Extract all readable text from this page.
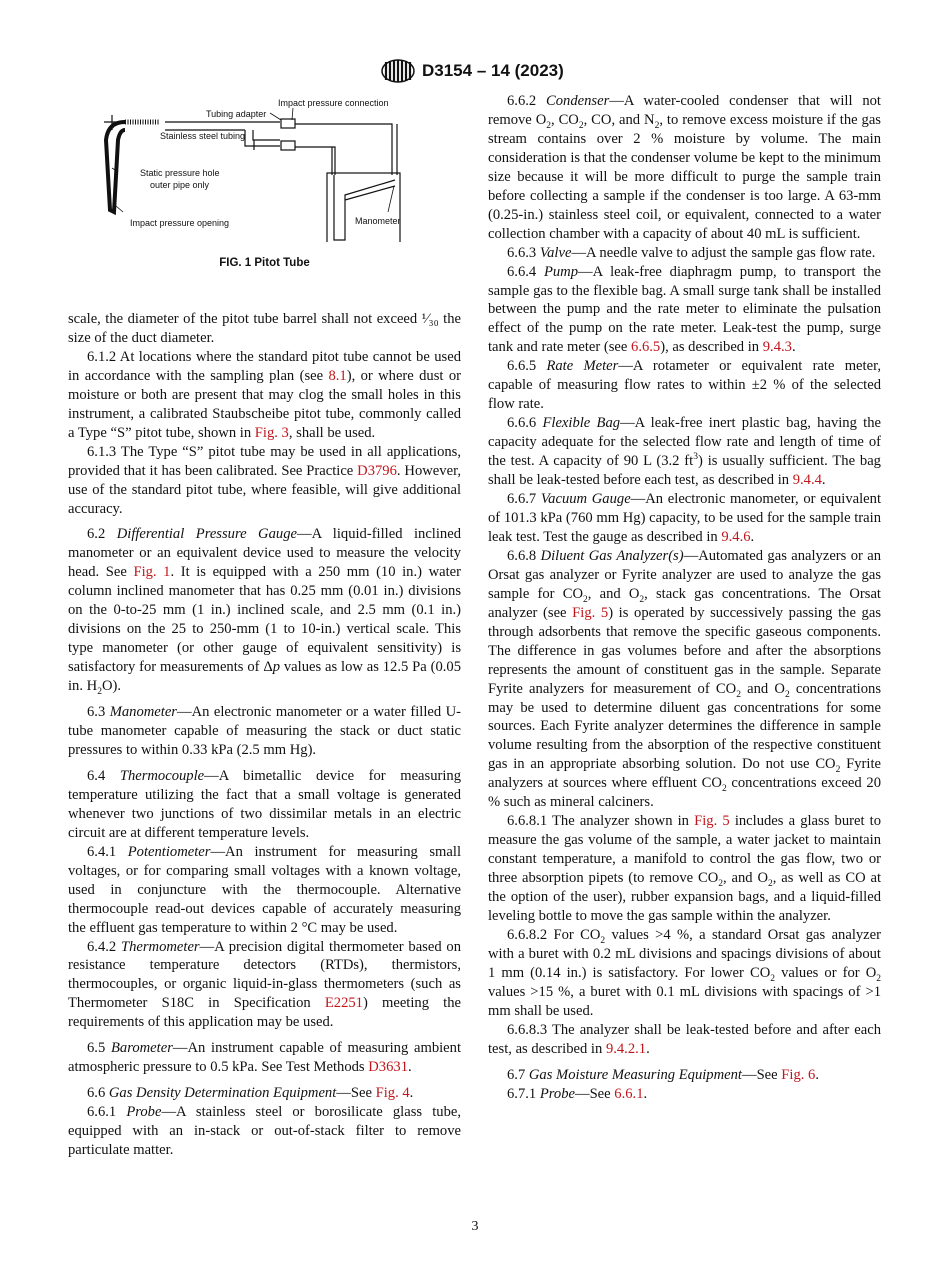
D3154 – 14 (2023)
Impact pressure connection
Tubing adapter
Stainless steel tubing
Static pressure hole
outer pipe only
Impact pressure opening	Manometer
FIG. 1 Pitot Tube

scale, the diameter of the pitot tube barrel shall not exceed ¹⁄₃₀ the size of the duct diameter.

6.1.2 At locations where the standard pitot tube cannot be used in accordance with the sampling plan (see 8.1), or where dust or moisture or both are present that may clog the small holes in this instrument, a calibrated Staubscheibe pitot tube, commonly called a Type “S” pitot tube, shown in Fig. 3, shall be used.

6.1.3 The Type “S” pitot tube may be used in all applications, provided that it has been calibrated. See Practice D3796. However, use of the standard pitot tube, where feasible, will give additional accuracy.

6.2 Differential Pressure Gauge—A liquid-filled inclined manometer or an equivalent device used to measure the velocity head. See Fig. 1. It is equipped with a 250 mm (10 in.) water column inclined manometer that has 0.25 mm (0.01 in.) divisions on the 0-to-25 mm (1 in.) inclined scale, and 2.5 mm (0.1 in.) divisions on the 25 to 250-mm (1 to 10-in.) vertical scale. This type manometer (or other gauge of equivalent sensitivity) is satisfactory for measurements of Δp values as low as 12.5 Pa (0.05 in. $H_2O$).

6.3 Manometer—An electronic manometer or a water filled U-tube manometer capable of measuring the stack or duct static pressures to within 0.33 kPa (2.5 mm Hg).

6.4 Thermocouple—A bimetallic device for measuring temperature utilizing the fact that a small voltage is generated whenever two junctions of two dissimilar metals in an electric circuit are at different temperature levels.

6.4.1 Potentiometer—An instrument for measuring small voltages, or for comparing small voltages with a known voltage, used in conjuncture with the thermocouple. Alternative thermocouple read-out devices capable of accurately measuring the effluent gas temperature to within 2 °C may be used.

6.4.2 Thermometer—A precision digital thermometer based on resistance temperature detectors (RTDs), thermistors, thermocouples, or organic liquid-in-glass thermometers (such as Thermometer S18C in Specification E2251) meeting the requirements of this application may be used.

6.5 Barometer—An instrument capable of measuring ambient atmospheric pressure to 0.5 kPa. See Test Methods D3631.

6.6 Gas Density Determination Equipment—See Fig. 4.

6.6.1 Probe—A stainless steel or borosilicate glass tube, equipped with an in-stack or out-of-stack filter to remove particulate matter.

6.6.2 Condenser—A water-cooled condenser that will not remove $O_2$, $CO_2$, CO, and $N_2$, to remove excess moisture if the gas stream contains over 2 % moisture by volume. The main consideration is that the condenser volume be kept to the minimum size because it will be more difficult to purge the sample train before collecting a sample if the condenser is too large. A 63-mm (0.25-in.) stainless steel coil, or equivalent, connected to a water collection chamber with a capacity of about 40 mL is sufficient.

6.6.3 Valve—A needle valve to adjust the sample gas flow rate.

6.6.4 Pump—A leak-free diaphragm pump, to transport the sample gas to the flexible bag. A small surge tank shall be installed between the pump and the rate meter to eliminate the pulsation effect of the pump on the rate meter. Leak-test the pump, surge tank and rate meter (see 6.6.5), as described in 9.4.3.

6.6.5 Rate Meter—A rotameter or equivalent rate meter, capable of measuring flow rates to within ±2 % of the selected flow rate.

6.6.6 Flexible Bag—A leak-free inert plastic bag, having the capacity adequate for the selected flow rate and length of time of the test. A capacity of 90 L (3.2 $ft^3$) is usually sufficient. The bag shall be leak-tested before each test, as described in 9.4.4.

6.6.7 Vacuum Gauge—An electronic manometer, or equivalent of 101.3 kPa (760 mm Hg) capacity, to be used for the sample train leak test. Test the gauge as described in 9.4.6.

6.6.8 Diluent Gas Analyzer(s)—Automated gas analyzers or an Orsat gas analyzer or Fyrite analyzer are used to analyze the gas sample for $CO_2$, and $O_2$, stack gas concentrations. The Orsat analyzer (see Fig. 5) is operated by successively passing the gas through adsorbents that remove the specific gaseous components. The difference in gas volumes before and after the absorptions represents the amount of constituent gas in the sample. Separate Fyrite analyzers for measurement of $CO_2$ and $O_2$ concentrations may be used to determine diluent gas concentrations for some sources. Each Fyrite analyzer determines the difference in sample volume resulting from the absorption of the respective constituent gas in an appropriate absorbing solution. Do not use $CO_2$ Fyrite analyzers at sources where effluent $CO_2$ concentrations exceed 20 % such as mineral calciners.

6.6.8.1 The analyzer shown in Fig. 5 includes a glass buret to measure the gas volume of the sample, a water jacket to maintain constant temperature, a manifold to control the gas flow, two or three absorption pipets (to remove $CO_2$, and $O_2$, as well as CO at the option of the user), rubber expansion bags, and a liquid-filled leveling bottle to move the gas sample within the analyzer.

6.6.8.2 For $CO_2$ values >4 %, a standard Orsat gas analyzer with a buret with 0.2 mL divisions and spacings divisions of about 1 mm (0.14 in.) is satisfactory. For lower $CO_2$ values or for $O_2$ values >15 %, a buret with 0.1 mL divisions with spacings of >1 mm shall be used.

6.6.8.3 The analyzer shall be leak-tested before and after each test, as described in 9.4.2.1.

6.7 Gas Moisture Measuring Equipment—See Fig. 6.

6.7.1 Probe—See 6.6.1.

3
